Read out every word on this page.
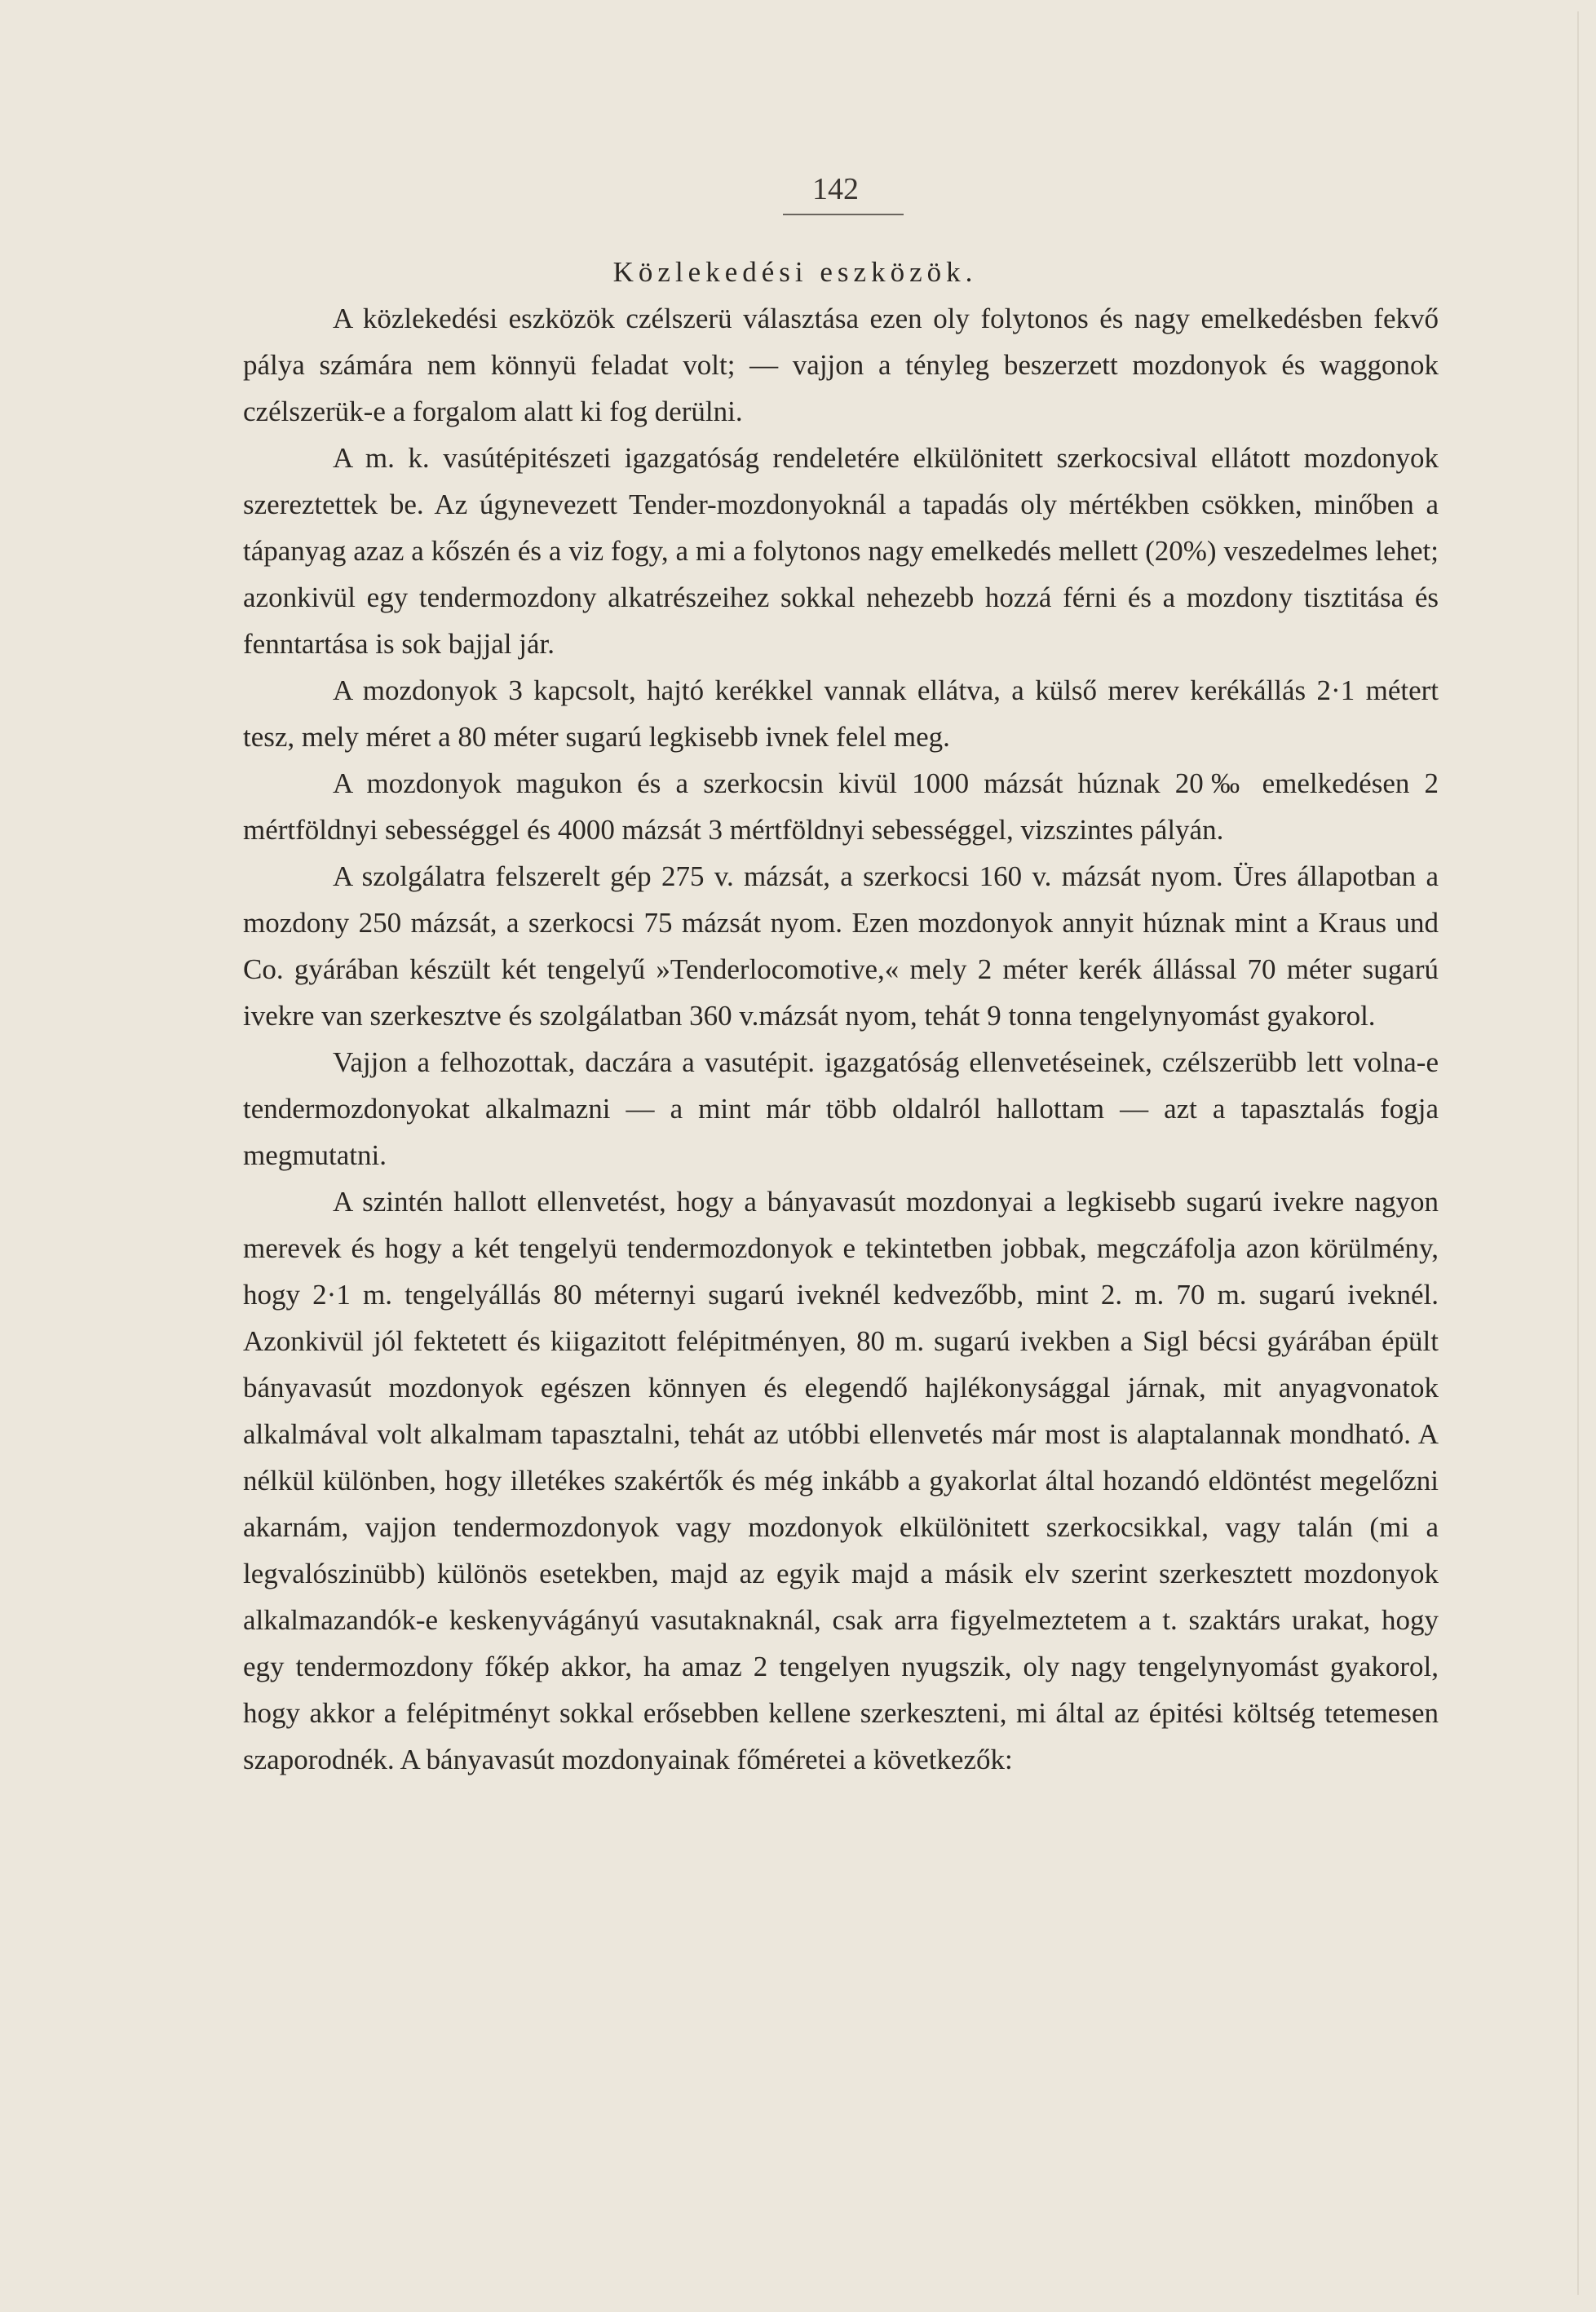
142
Közlekedési eszközök.

A közlekedési eszközök czélszerü választása ezen oly folytonos és nagy emelkedésben fekvő pálya számára nem könnyü feladat volt; — vajjon a tényleg beszerzett mozdonyok és waggonok czélszerük-e a forgalom alatt ki fog derülni.

A m. k. vasútépitészeti igazgatóság rendeletére elkülönitett szerkocsival ellátott mozdonyok szereztettek be. Az úgynevezett Tender-mozdonyoknál a tapadás oly mértékben csökken, minőben a tápanyag azaz a kőszén és a viz fogy, a mi a folytonos nagy emelkedés mellett (20%) veszedelmes lehet; azonkivül egy tendermozdony alkatrészeihez sokkal nehezebb hozzá férni és a mozdony tisztitása és fenntartása is sok bajjal jár.

A mozdonyok 3 kapcsolt, hajtó kerékkel vannak ellátva, a külső merev kerékállás 2·1 métert tesz, mely méret a 80 méter sugarú legkisebb ivnek felel meg.

A mozdonyok magukon és a szerkocsin kivül 1000 mázsát húznak 20‰ emelkedésen 2 mértföldnyi sebességgel és 4000 mázsát 3 mértföldnyi sebességgel, vizszintes pályán.

A szolgálatra felszerelt gép 275 v. mázsát, a szerkocsi 160 v. mázsát nyom. Üres állapotban a mozdony 250 mázsát, a szerkocsi 75 mázsát nyom. Ezen mozdonyok annyit húznak mint a Kraus und Co. gyárában készült két tengelyű »Tenderlocomotive,« mely 2 méter kerék állással 70 méter sugarú ivekre van szerkesztve és szolgálatban 360 v.mázsát nyom, tehát 9 tonna tengelynyomást gyakorol.

Vajjon a felhozottak, daczára a vasutépit. igazgatóság ellenvetéseinek, czélszerübb lett volna-e tendermozdonyokat alkalmazni — a mint már több oldalról hallottam — azt a tapasztalás fogja megmutatni.

A szintén hallott ellenvetést, hogy a bányavasút mozdonyai a legkisebb sugarú ivekre nagyon merevek és hogy a két tengelyü tendermozdonyok e tekintetben jobbak, megczáfolja azon körülmény, hogy 2·1 m. tengelyállás 80 méternyi sugarú iveknél kedvezőbb, mint 2. m. 70 m. sugarú iveknél. Azonkivül jól fektetett és kiigazitott felépitményen, 80 m. sugarú ivekben a Sigl bécsi gyárában épült bányavasút mozdonyok egészen könnyen és elegendő hajlékonysággal járnak, mit anyagvonatok alkalmával volt alkalmam tapasztalni, tehát az utóbbi ellenvetés már most is alaptalannak mondható. A nélkül különben, hogy illetékes szakértők és még inkább a gyakorlat által hozandó eldöntést megelőzni akarnám, vajjon tendermozdonyok vagy mozdonyok elkülönitett szerkocsikkal, vagy talán (mi a legvalószinübb) különös esetekben, majd az egyik majd a másik elv szerint szerkesztett mozdonyok alkalmazandók-e keskenyvágányú vasutaknaknál, csak arra figyelmeztetem a t. szaktárs urakat, hogy egy tendermozdony főkép akkor, ha amaz 2 tengelyen nyugszik, oly nagy tengelynyomást gyakorol, hogy akkor a felépitményt sokkal erősebben kellene szerkeszteni, mi által az épitési költség tetemesen szaporodnék. A bányavasút mozdonyainak főméretei a következők:
